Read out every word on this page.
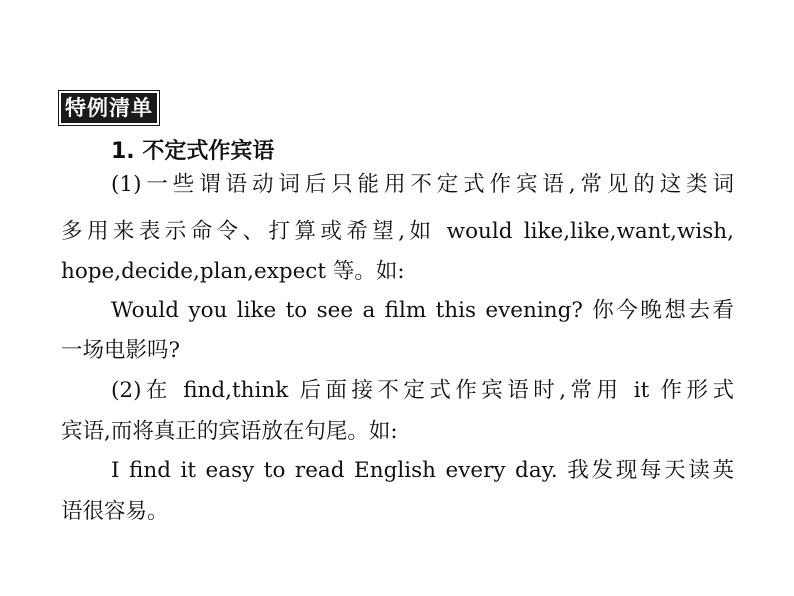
特例清单
1. 不定式作宾语
(1)一些谓语动词后只能用不定式作宾语,常见的这类词
多用来表示命令、打算或希望,如 would like,like,want,wish,
hope,decide,plan,expect 等。如:
Would you like to see a film this evening? 你今晚想去看
一场电影吗?
(2)在 find,think 后面接不定式作宾语时,常用 it 作形式
宾语,而将真正的宾语放在句尾。如:
I find it easy to read English every day. 我发现每天读英
语很容易。
